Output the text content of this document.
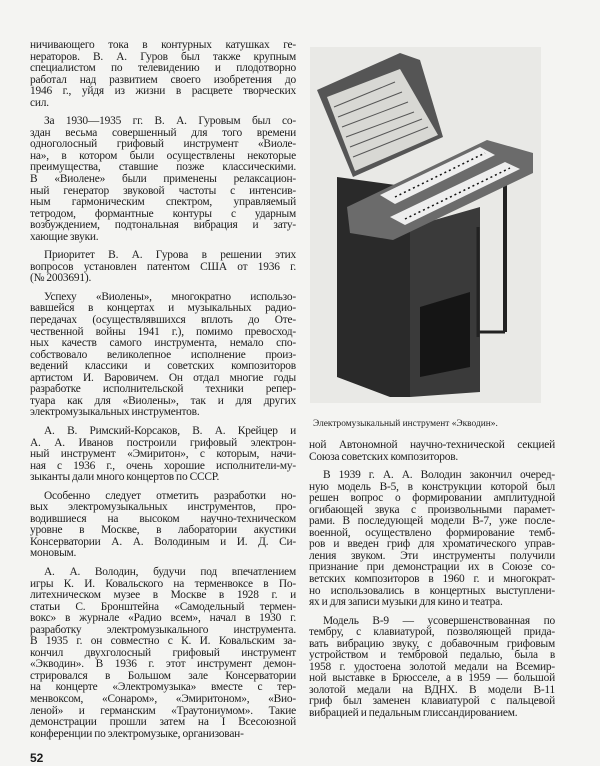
ничивающего тока в контурных катушках ге-
нераторов. В. А. Гуров был также крупным
специалистом по телевидению и плодотворно
работал над развитием своего изобретения до
1946 г., уйдя из жизни в расцвете творческих
сил.
За 1930—1935 гг. В. А. Гуровым был со-
здан весьма совершенный для того времени
одноголосный грифовый инструмент «Виоле-
на», в котором были осуществлены некоторые
преимущества, ставшие позже классическими.
В «Виолене» были применены релаксацион-
ный генератор звуковой частоты с интенсив-
ным гармоническим спектром, управляемый
тетродом, формантные контуры с ударным
возбуждением, подтональная вибрация и зату-
хающие звуки.
Приоритет В. А. Гурова в решении этих
вопросов установлен патентом США от 1936 г.
(№ 2003691).
Успеху «Виолены», многократно использо-
вавшейся в концертах и музыкальных радио-
передачах (осуществлявшихся вплоть до Оте-
чественной войны 1941 г.), помимо превосход-
ных качеств самого инструмента, немало спо-
собствовало великолепное исполнение произ-
ведений классики и советских композиторов
артистом И. Варовичем. Он отдал многие годы
разработке исполнительской техники репер-
туара как для «Виолены», так и для других
электромузыкальных инструментов.
А. В. Римский-Корсаков, В. А. Крейцер и
А. А. Иванов построили грифовый электрон-
ный инструмент «Эмиритон», с которым, начи-
ная с 1936 г., очень хорошие исполнители-му-
зыканты дали много концертов по СССР.
Особенно следует отметить разработки но-
вых электромузыкальных инструментов, про-
водившиеся на высоком научно-техническом
уровне в Москве, в лаборатории акустики
Консерватории А. А. Володиным и И. Д. Си-
моновым.
А. А. Володин, будучи под впечатлением
игры К. И. Ковальского на терменвоксе в По-
литехническом музее в Москве в 1928 г. и
статьи С. Бронштейна «Самодельный термен-
вокс» в журнале «Радио всем», начал в 1930 г.
разработку электромузыкального инструмента.
В 1935 г. он совместно с К. И. Ковальским за-
кончил двухголосный грифовый инструмент
«Экводин». В 1936 г. этот инструмент демон-
стрировался в Большом зале Консерватории
на концерте «Электромузыка» вместе с тер-
менвоксом, «Сонаром», «Эмиритоном», «Вио-
леной» и германским «Траутониумом». Такие
демонстрации прошли затем на I Всесоюзной
конференции по электромузыке, организован-
Электромузыкальный инструмент «Экводин».
ной Автономной научно-технической секцией
Союза советских композиторов.
В 1939 г. А. А. Володин закончил очеред-
ную модель В-5, в конструкции которой был
решен вопрос о формировании амплитудной
огибающей звука с произвольными парамет-
рами. В последующей модели В-7, уже после-
военной, осуществлено формирование темб-
ров и введен гриф для хроматического управ-
ления звуком. Эти инструменты получили
признание при демонстрации их в Союзе со-
ветских композиторов в 1960 г. и многократ-
но использовались в концертных выступлени-
ях и для записи музыки для кино и театра.
Модель В-9 — усовершенствованная по
тембру, с клавиатурой, позволяющей прида-
вать вибрацию звуку, с добавочным грифовым
устройством и тембровой педалью, была в
1958 г. удостоена золотой медали на Всемир-
ной выставке в Брюсселе, а в 1959 — большой
золотой медали на ВДНХ. В модели В-11
гриф был заменен клавиатурой с пальцевой
вибрацией и педальным глиссандированием.
52
